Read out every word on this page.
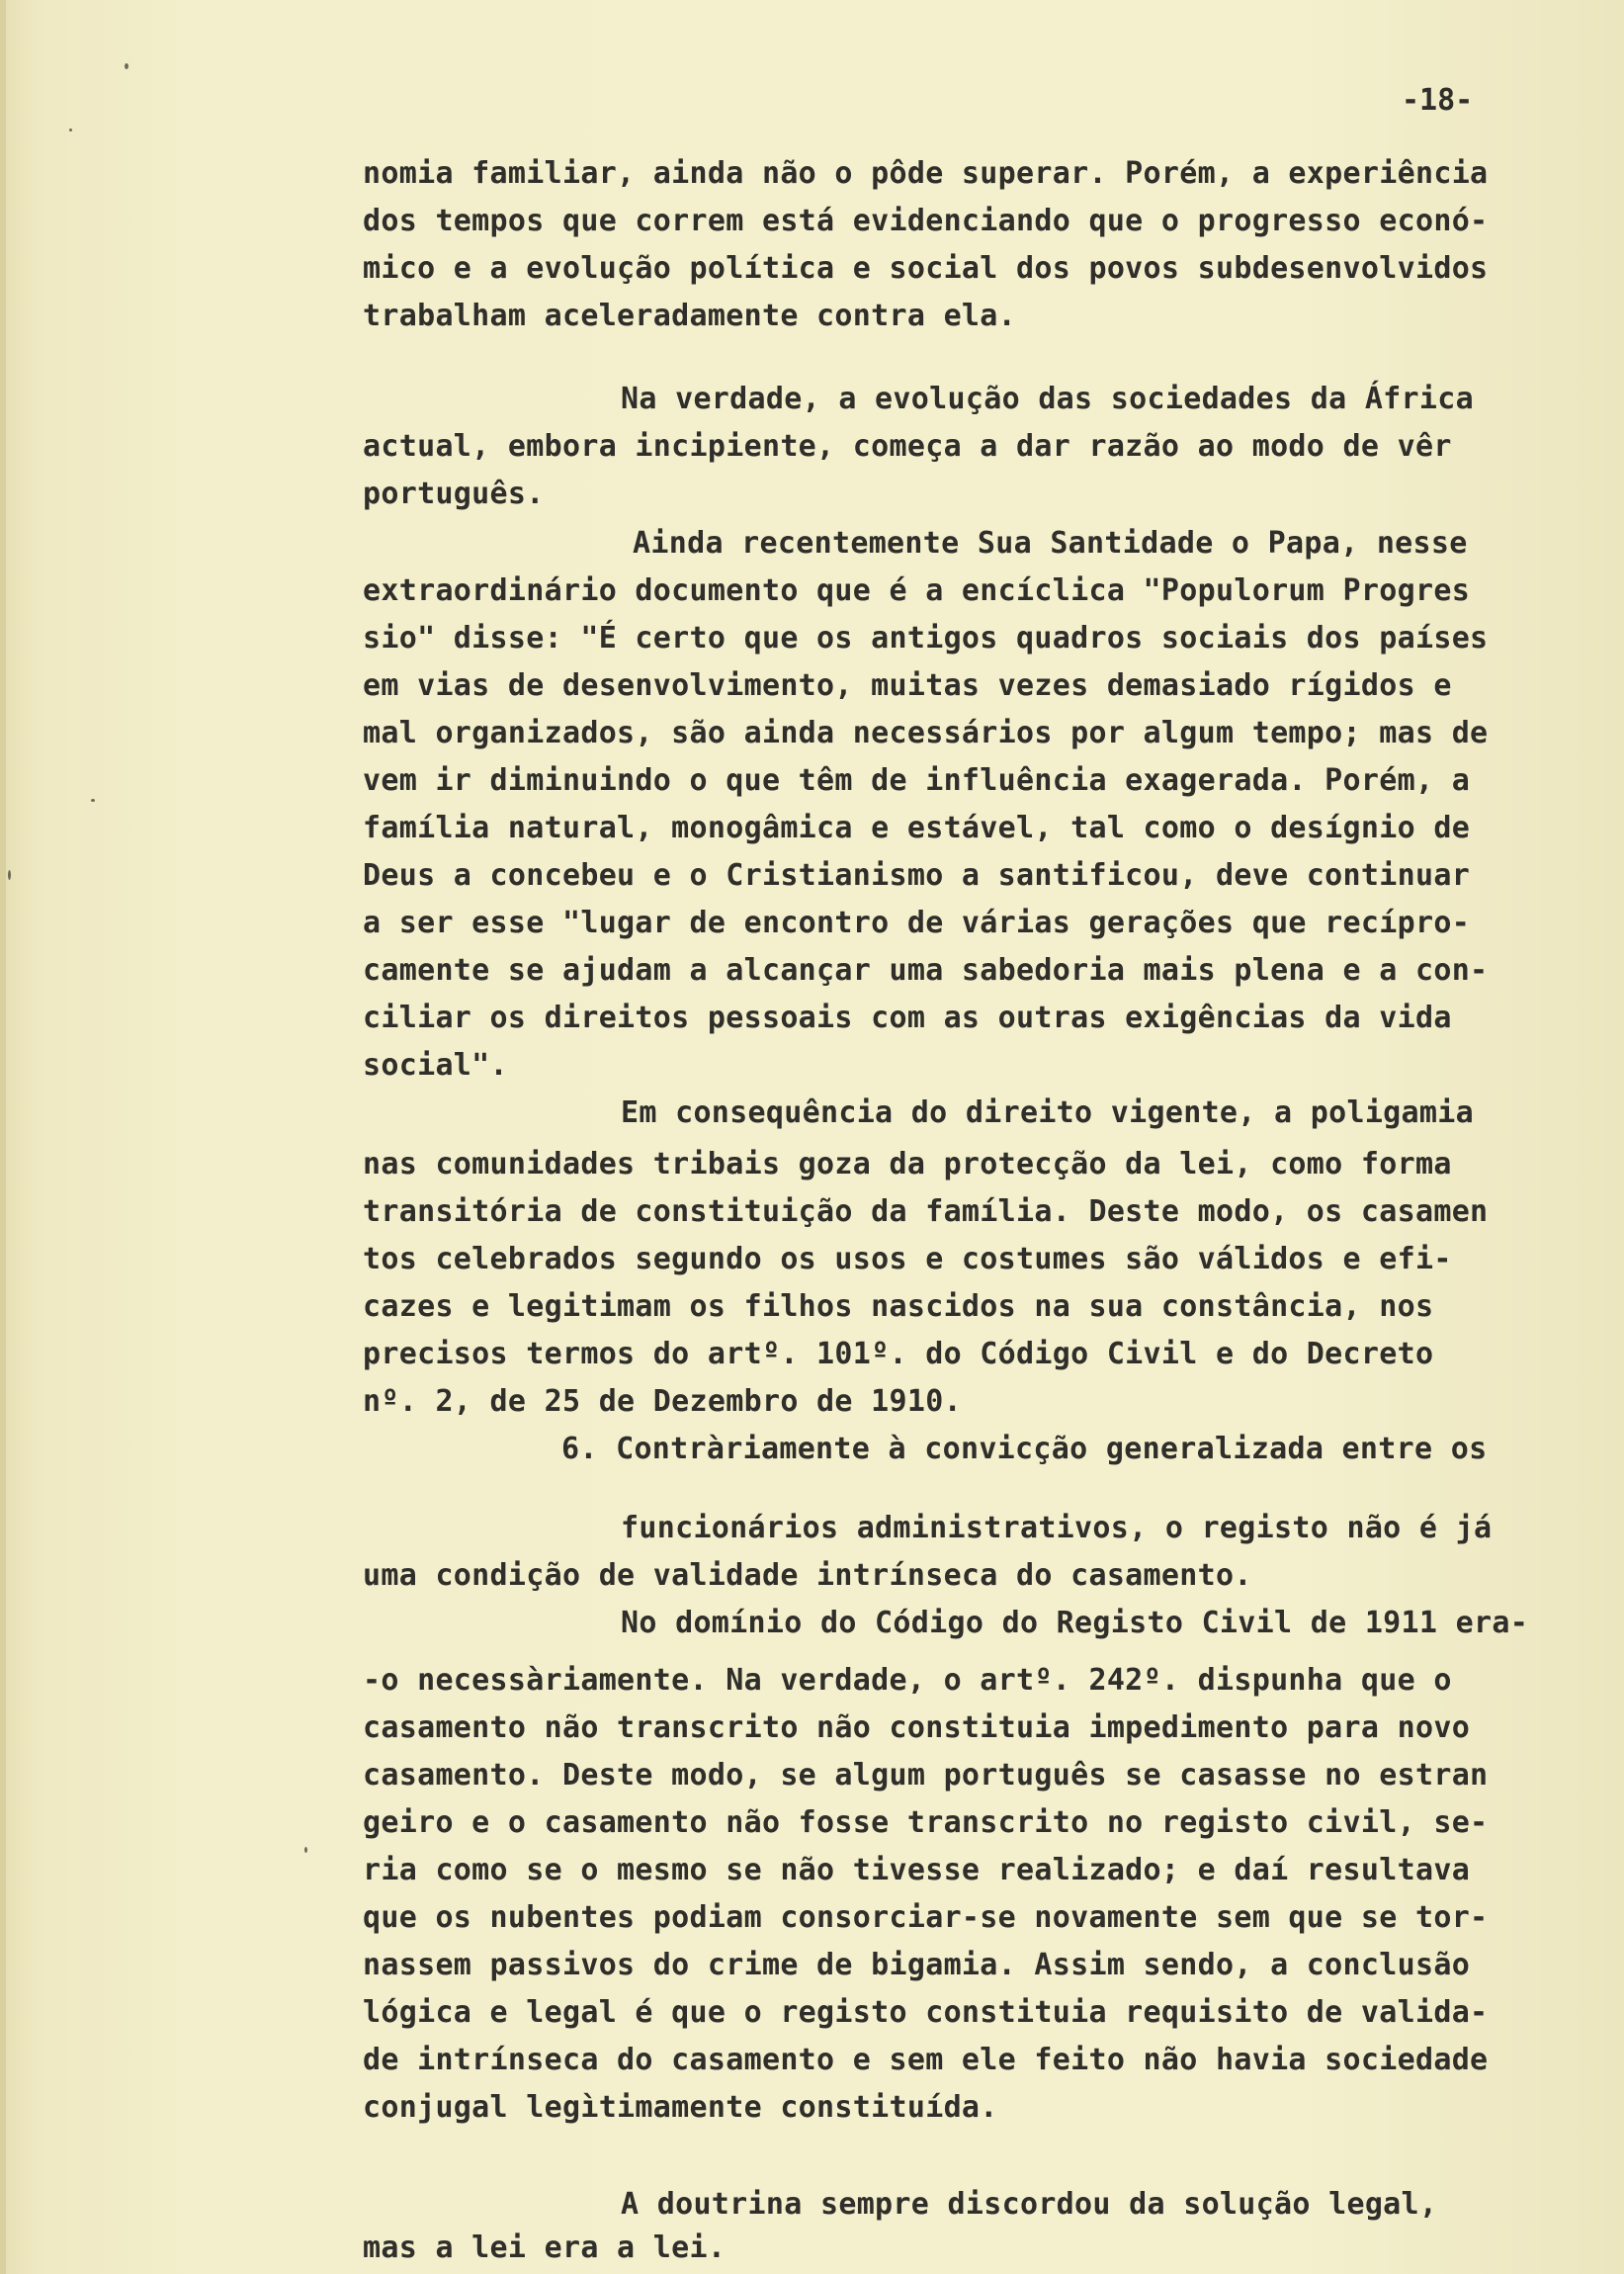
-18-
nomia familiar, ainda não o pôde superar. Porém, a experiência
dos tempos que correm está evidenciando que o progresso econó-
mico e a evolução política e social dos povos subdesenvolvidos
trabalham aceleradamente contra ela.
Na verdade, a evolução das sociedades da África
actual, embora incipiente, começa a dar razão ao modo de vêr
português.
Ainda recentemente Sua Santidade o Papa, nesse
extraordinário documento que é a encíclica "Populorum Progres
sio" disse: "É certo que os antigos quadros sociais dos países
em vias de desenvolvimento, muitas vezes demasiado rígidos e
mal organizados, são ainda necessários por algum tempo; mas de
vem ir diminuindo o que têm de influência exagerada. Porém, a
família natural, monogâmica e estável, tal como o desígnio de
Deus a concebeu e o Cristianismo a santificou, deve continuar
a ser esse "lugar de encontro de várias gerações que recípro-
camente se ajudam a alcançar uma sabedoria mais plena e a con-
ciliar os direitos pessoais com as outras exigências da vida
social".
Em consequência do direito vigente, a poligamia
nas comunidades tribais goza da protecção da lei, como forma
transitória de constituição da família. Deste modo, os casamen
tos celebrados segundo os usos e costumes são válidos e efi-
cazes e legitimam os filhos nascidos na sua constância, nos
precisos termos do artº. 101º. do Código Civil e do Decreto
nº. 2, de 25 de Dezembro de 1910.
6. Contràriamente à convicção generalizada entre os
funcionários administrativos, o registo não é já
uma condição de validade intrínseca do casamento.
No domínio do Código do Registo Civil de 1911 era-
-o necessàriamente. Na verdade, o artº. 242º. dispunha que o
casamento não transcrito não constituia impedimento para novo
casamento. Deste modo, se algum português se casasse no estran
geiro e o casamento não fosse transcrito no registo civil, se-
ria como se o mesmo se não tivesse realizado; e daí resultava
que os nubentes podiam consorciar-se novamente sem que se tor-
nassem passivos do crime de bigamia. Assim sendo, a conclusão
lógica e legal é que o registo constituia requisito de valida-
de intrínseca do casamento e sem ele feito não havia sociedade
conjugal legìtimamente constituída.
A doutrina sempre discordou da solução legal,
mas a lei era a lei.
